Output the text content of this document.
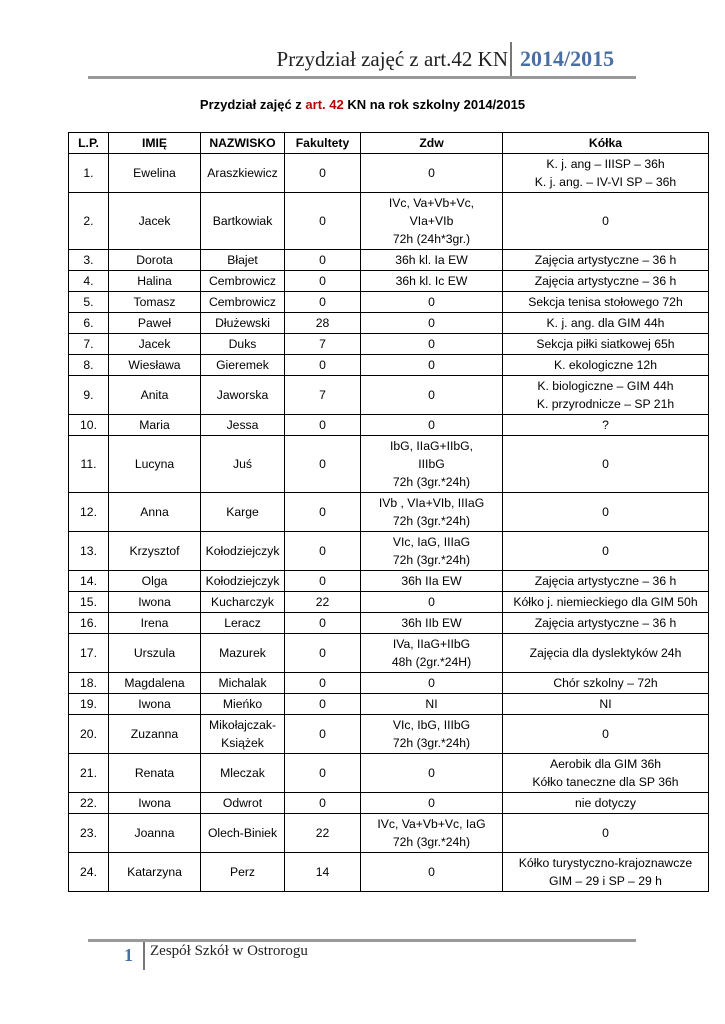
Przydział zajęć z art.42 KN 2014/2015
Przydział zajęć z art. 42 KN na rok szkolny 2014/2015
L.P.	IMIĘ	NAZWISKO	Fakultety	Zdw	Kółka
1.	Ewelina	Araszkiewicz	0	0	K. j. ang – IIISP – 36h
K. j. ang. – IV-VI SP – 36h

2.	Jacek	Bartkowiak	0	IVc, Va+Vb+Vc,
VIa+VIb
72h (24h*3gr.)	0

3.	Dorota	Błajet	0	36h kl. Ia EW	Zajęcia artystyczne – 36 h

4.	Halina	Cembrowicz	0	36h kl. Ic EW	Zajęcia artystyczne – 36 h

5.	Tomasz	Cembrowicz	0	0	Sekcja tenisa stołowego 72h

6.	Paweł	Dłużewski	28	0	K. j. ang. dla GIM 44h

7.	Jacek	Duks	7	0	Sekcja piłki siatkowej 65h

8.	Wiesława	Gieremek	0	0	K. ekologiczne 12h

9.	Anita	Jaworska	7	0	K. biologiczne – GIM 44h
K. przyrodnicze – SP 21h

10.	Maria	Jessa	0	0	?

11.	Lucyna	Juś	0	IbG, IIaG+IIbG,
IIIbG
72h (3gr.*24h)	0

12.	Anna	Karge	0	IVb , VIa+VIb, IIIaG
72h (3gr.*24h)	0

13.	Krzysztof	Kołodziejczyk	0	VIc, IaG, IIIaG
72h (3gr.*24h)	0

14.	Olga	Kołodziejczyk	0	36h IIa EW	Zajęcia artystyczne – 36 h

15.	Iwona	Kucharczyk	22	0	Kółko j. niemieckiego dla GIM 50h

16.	Irena	Leracz	0	36h IIb EW	Zajęcia artystyczne – 36 h

17.	Urszula	Mazurek	0	IVa, IIaG+IIbG
48h (2gr.*24H)	Zajęcia dla dyslektyków 24h

18.	Magdalena	Michalak	0	0	Chór szkolny – 72h

19.	Iwona	Mieńko	0	NI	NI

20.	Zuzanna	Mikołajczak-
Książek	0	VIc, IbG, IIIbG
72h (3gr.*24h)	0

21.	Renata	Mleczak	0	0	Aerobik dla GIM 36h
Kółko taneczne dla SP 36h

22.	Iwona	Odwrot	0	0	nie dotyczy

23.	Joanna	Olech-Biniek	22	IVc, Va+Vb+Vc, IaG
72h (3gr.*24h)	0

24.	Katarzyna	Perz	14	0	Kółko turystyczno-krajoznawcze
GIM – 29 i SP – 29 h
1 Zespół Szkół w Ostrorogu
